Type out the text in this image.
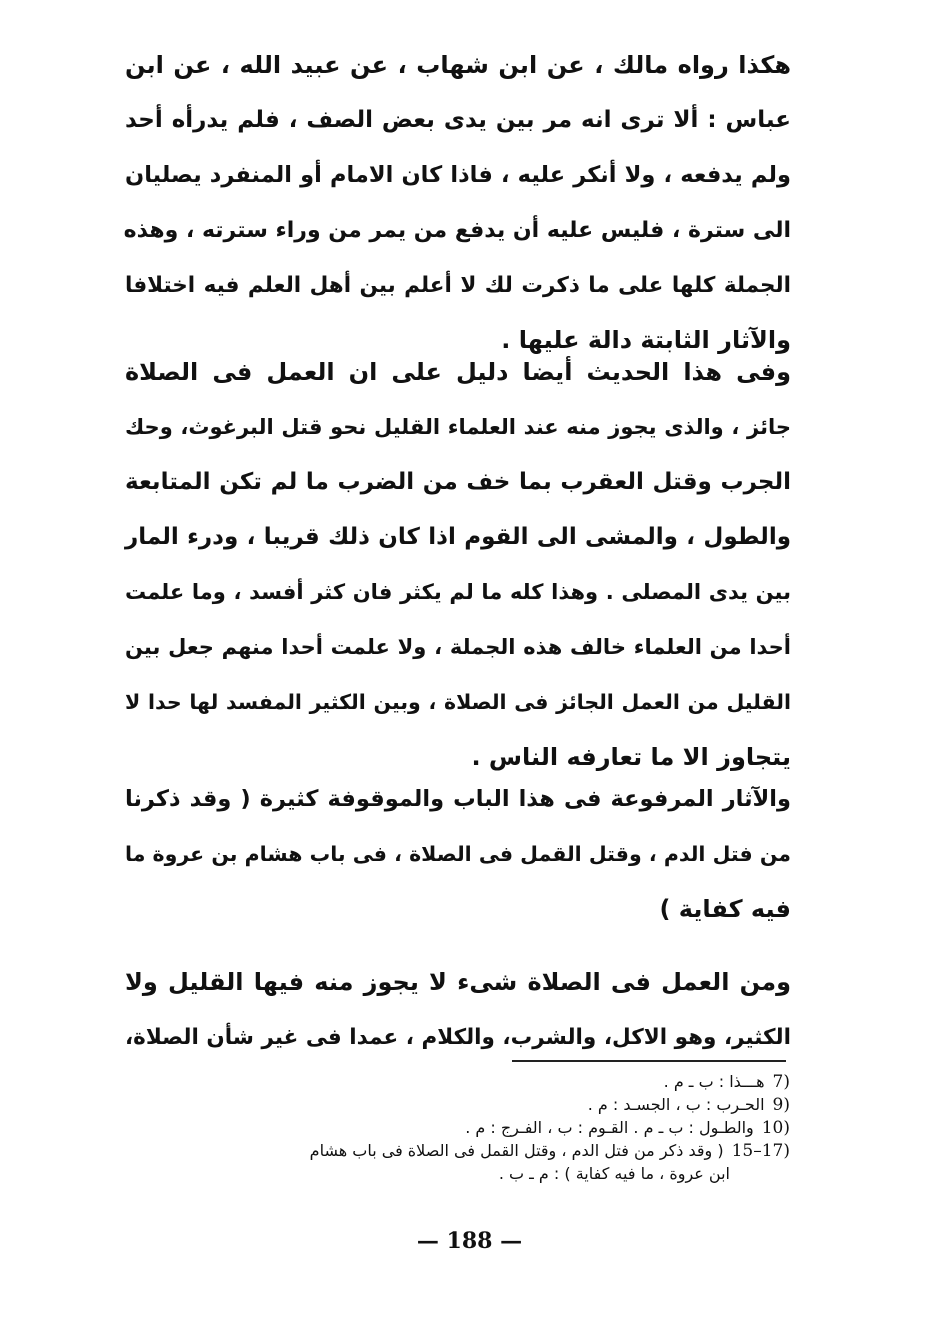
هكذا رواه مالك ، عن ابن شهاب ، عن عبيد الله ، عن ابن
عباس : ألا ترى انه مر بين يدى بعض الصف ، فلم يدرأه أحد
ولم يدفعه ، ولا أنكر عليه ، فاذا كان الامام أو المنفرد يصليان
الى سترة ، فليس عليه أن يدفع من يمر من وراء سترته ، وهذه
الجملة كلها على ما ذكرت لك لا أعلم بين أهل العلم فيه اختلافا
والآثار الثابتة دالة عليها .
وفى هذا الحديث أيضا دليل على ان العمل فى الصلاة
جائز ، والذى يجوز منه عند العلماء القليل نحو قتل البرغوث، وحك
الجرب وقتل العقرب بما خف من الضرب ما لم تكن المتابعة
والطول ، والمشى الى القوم اذا كان ذلك قريبا ، ودرء المار
بين يدى المصلى . وهذا كله ما لم يكثر فان كثر أفسد ، وما علمت
أحدا من العلماء خالف هذه الجملة ، ولا علمت أحدا منهم جعل بين
القليل من العمل الجائز فى الصلاة ، وبين الكثير المفسد لها حدا لا
يتجاوز الا ما تعارفه الناس .
والآثار المرفوعة فى هذا الباب والموقوفة كثيرة ( وقد ذكرنا
من فتل الدم ، وقتل القمل فى الصلاة ، فى باب هشام بن عروة ما
فيه كفاية )
ومن العمل فى الصلاة شىء لا يجوز منه فيها القليل ولا
الكثير، وهو الاكل، والشرب، والكلام ، عمدا فى غير شأن الصلاة،
7)هـــذا : ب ـ م .
9)الحـرب : ب ، الجسـد : م .
10)والطـول : ب ـ م . القـوم : ب ، الفـرج : م .
15–17)( وقد ذكر من فتل الدم ، وقتل القمل فى الصلاة فى باب هشام
ابن عروة ، ما فيه كفاية ) : م ـ ب .
— 188 —
